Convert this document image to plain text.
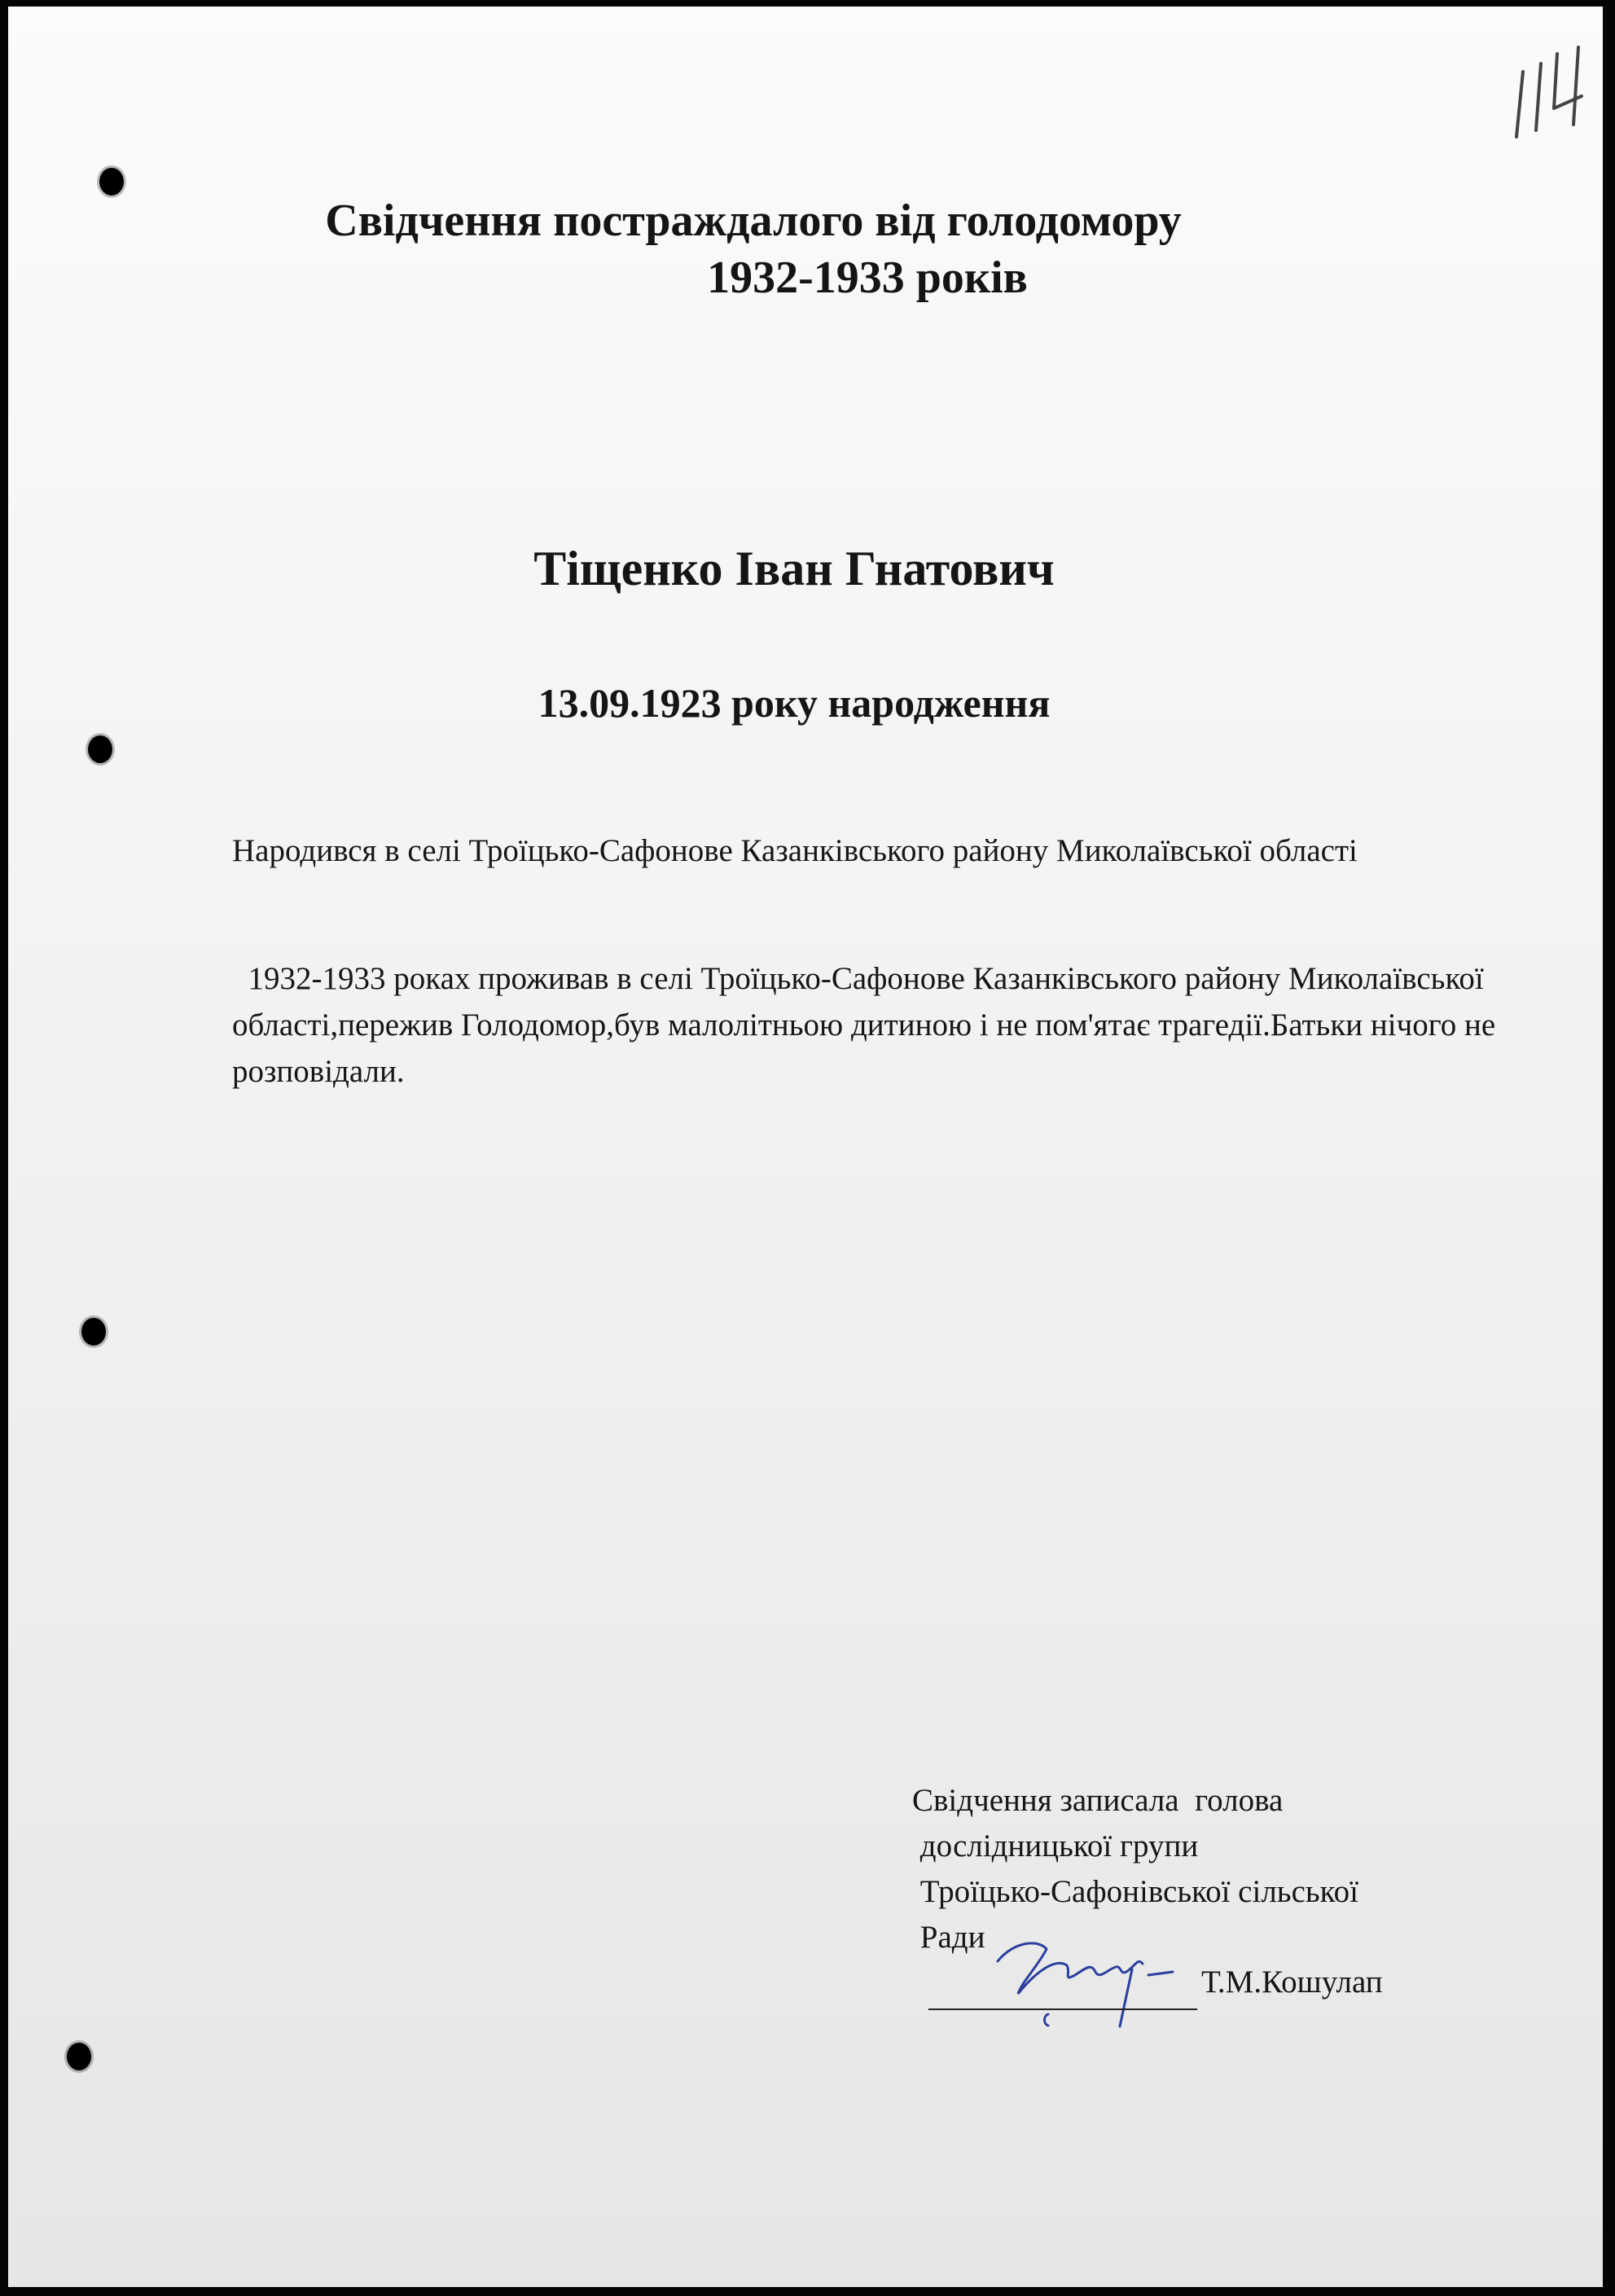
Свідчення постраждалого від голодомору
1932-1933 років
Тіщенко Іван Гнатович
13.09.1923 року народження
Народився в селі Троїцько-Сафонове Казанківського району Миколаївської області
1932-1933 роках проживав в селі Троїцько-Сафонове Казанківського району Миколаївської області,пережив Голодомор,був малолітньою дитиною і не пом'ятає трагедії.Батьки нічого не розповідали.
Свідчення записала  голова
дослідницької групи
Троїцько-Сафонівської сільської
Ради
Т.М.Кошулап
